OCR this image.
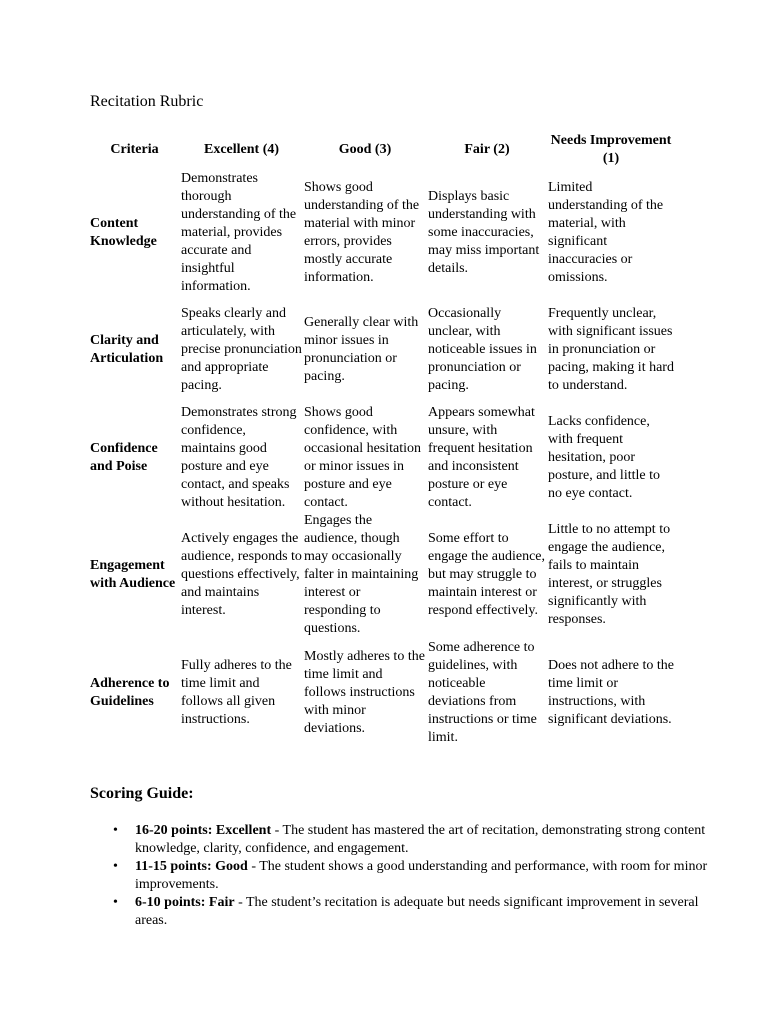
Recitation Rubric
Criteria	Excellent (4)	Good (3)	Fair (2)	Needs Improvement (1)
Content Knowledge	Demonstrates thorough understanding of the material, provides accurate and insightful information.	Shows good understanding of the material with minor errors, provides mostly accurate information.	Displays basic understanding with some inaccuracies, may miss important details.	Limited understanding of the material, with significant inaccuracies or omissions.
Clarity and Articulation	Speaks clearly and articulately, with precise pronunciation and appropriate pacing.	Generally clear with minor issues in pronunciation or pacing.	Occasionally unclear, with noticeable issues in pronunciation or pacing.	Frequently unclear, with significant issues in pronunciation or pacing, making it hard to understand.
Confidence and Poise	Demonstrates strong confidence, maintains good posture and eye contact, and speaks without hesitation.	Shows good confidence, with occasional hesitation or minor issues in posture and eye contact.	Appears somewhat unsure, with frequent hesitation and inconsistent posture or eye contact.	Lacks confidence, with frequent hesitation, poor posture, and little to no eye contact.
Engagement with Audience	Actively engages the audience, responds to questions effectively, and maintains interest.	Engages the audience, though may occasionally falter in maintaining interest or responding to questions.	Some effort to engage the audience, but may struggle to maintain interest or respond effectively.	Little to no attempt to engage the audience, fails to maintain interest, or struggles significantly with responses.
Adherence to Guidelines	Fully adheres to the time limit and follows all given instructions.	Mostly adheres to the time limit and follows instructions with minor deviations.	Some adherence to guidelines, with noticeable deviations from instructions or time limit.	Does not adhere to the time limit or instructions, with significant deviations.
Scoring Guide:
• 16-20 points: Excellent - The student has mastered the art of recitation, demonstrating strong content knowledge, clarity, confidence, and engagement.
• 11-15 points: Good - The student shows a good understanding and performance, with room for minor improvements.
• 6-10 points: Fair - The student’s recitation is adequate but needs significant improvement in several areas.
